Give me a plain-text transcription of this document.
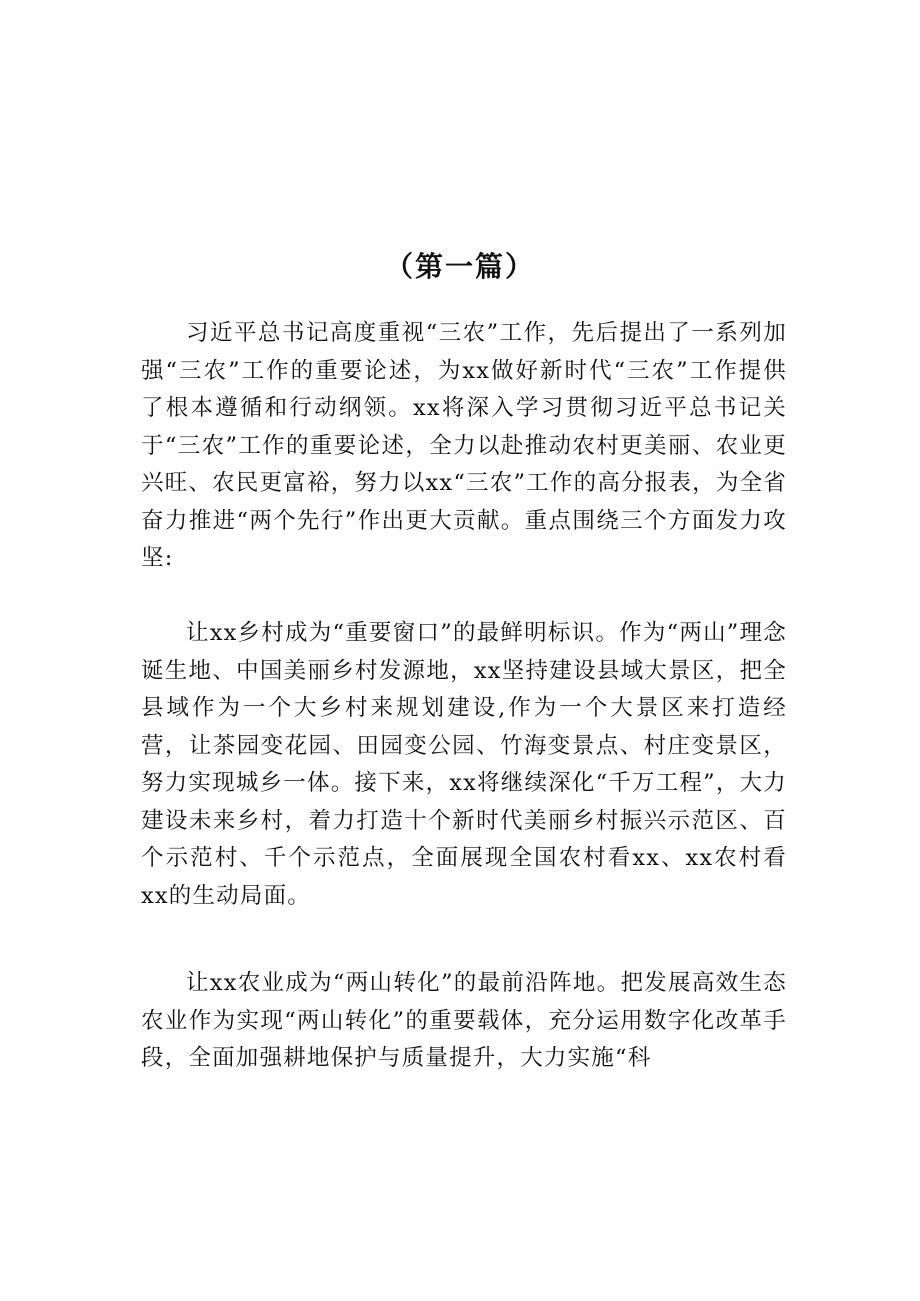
（第一篇）

习近平总书记高度重视“三农”工作，先后提出了一系列加强“三农”工作的重要论述，为xx做好新时代“三农”工作提供了根本遵循和行动纲领。xx将深入学习贯彻习近平总书记关于“三农”工作的重要论述，全力以赴推动农村更美丽、农业更兴旺、农民更富裕，努力以xx“三农”工作的高分报表，为全省奋力推进“两个先行”作出更大贡献。重点围绕三个方面发力攻坚:

让xx乡村成为“重要窗口”的最鲜明标识。作为“两山”理念诞生地、中国美丽乡村发源地，xx坚持建设县域大景区，把全县域作为一个大乡村来规划建设,作为一个大景区来打造经营，让茶园变花园、田园变公园、竹海变景点、村庄变景区，努力实现城乡一体。接下来，xx将继续深化“千万工程”，大力建设未来乡村，着力打造十个新时代美丽乡村振兴示范区、百个示范村、千个示范点，全面展现全国农村看xx、xx农村看xx的生动局面。

让xx农业成为“两山转化”的最前沿阵地。把发展高效生态农业作为实现“两山转化”的重要载体，充分运用数字化改革手段，全面加强耕地保护与质量提升，大力实施“科
